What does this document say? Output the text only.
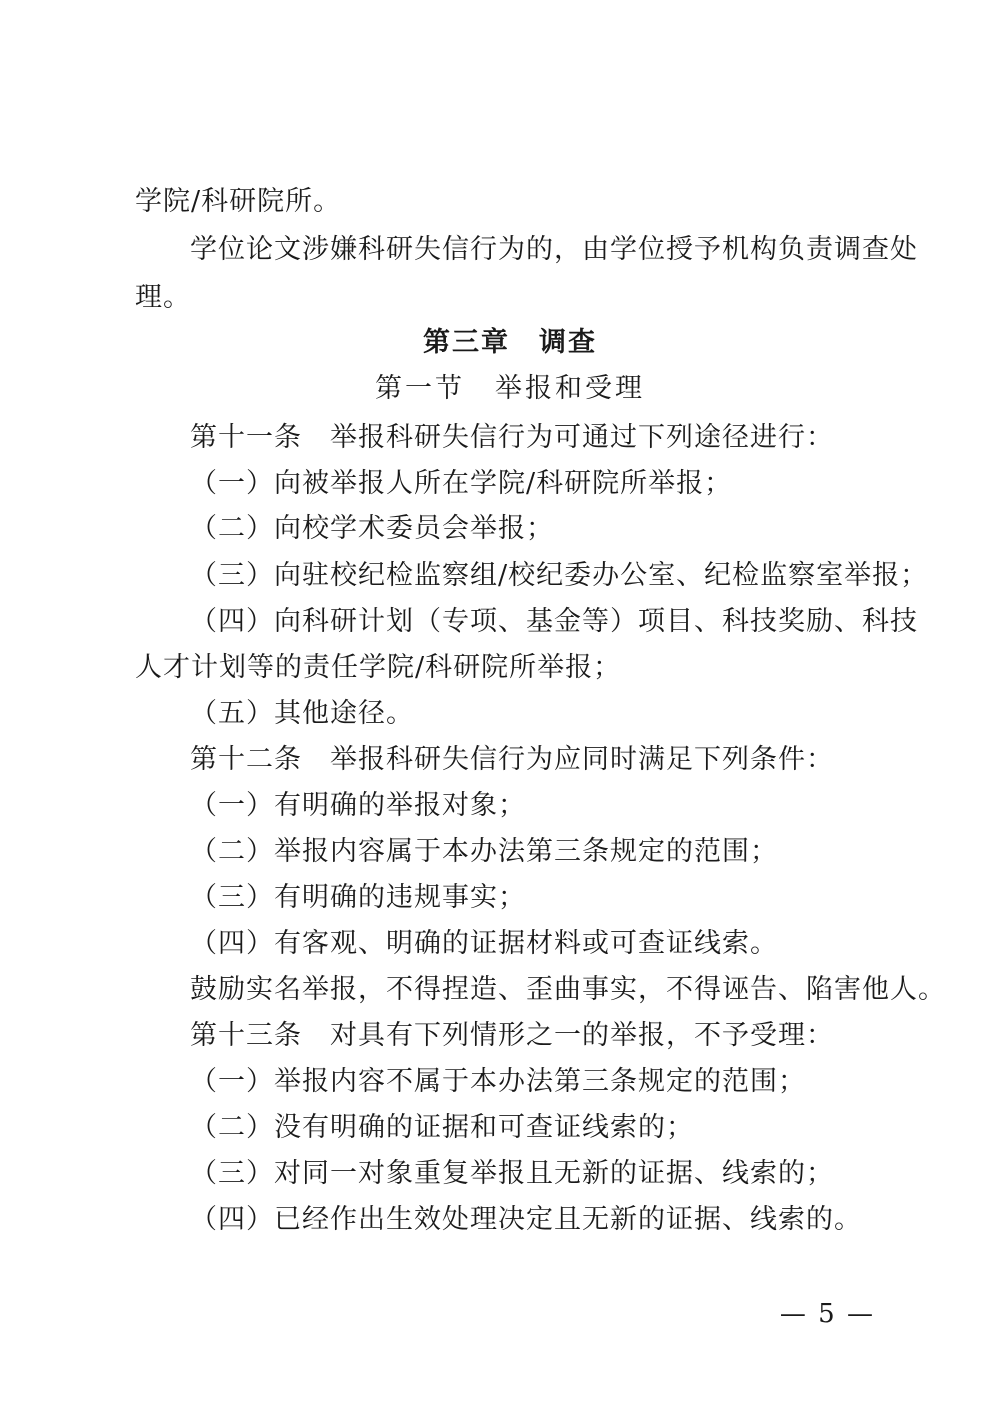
学院/科研院所。
学位论文涉嫌科研失信行为的，由学位授予机构负责调查处
理。
第三章　调查
第一节　举报和受理
第十一条　举报科研失信行为可通过下列途径进行：
（一）向被举报人所在学院/科研院所举报；
（二）向校学术委员会举报；
（三）向驻校纪检监察组/校纪委办公室、纪检监察室举报；
（四）向科研计划（专项、基金等）项目、科技奖励、科技
人才计划等的责任学院/科研院所举报；
（五）其他途径。
第十二条　举报科研失信行为应同时满足下列条件：
（一）有明确的举报对象；
（二）举报内容属于本办法第三条规定的范围；
（三）有明确的违规事实；
（四）有客观、明确的证据材料或可查证线索。
鼓励实名举报，不得捏造、歪曲事实，不得诬告、陷害他人。
第十三条　对具有下列情形之一的举报，不予受理：
（一）举报内容不属于本办法第三条规定的范围；
（二）没有明确的证据和可查证线索的；
（三）对同一对象重复举报且无新的证据、线索的；
（四）已经作出生效处理决定且无新的证据、线索的。
— 5 —
